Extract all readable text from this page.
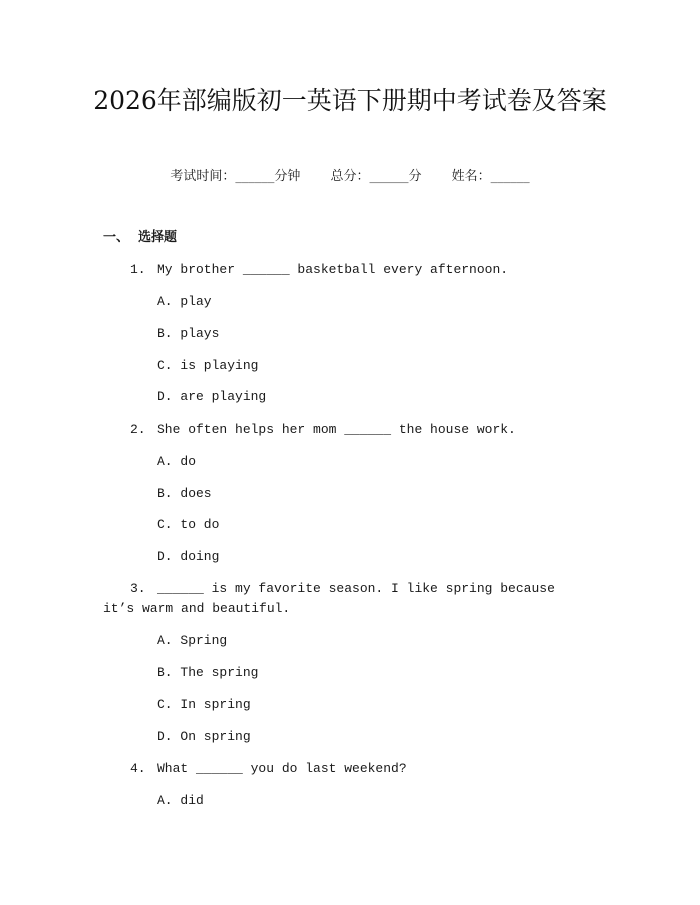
2026年部编版初一英语下册期中考试卷及答案
考试时间：______分钟 总分：______分 姓名：______
一、 选择题
1. My brother ______ basketball every afternoon.
A. play
B. plays
C. is playing
D. are playing
2. She often helps her mom ______ the house work.
A. do
B. does
C. to do
D. doing
3. ______ is my favorite season. I like spring because it’s warm and beautiful.
A. Spring
B. The spring
C. In spring
D. On spring
4. What ______ you do last weekend?
A. did
